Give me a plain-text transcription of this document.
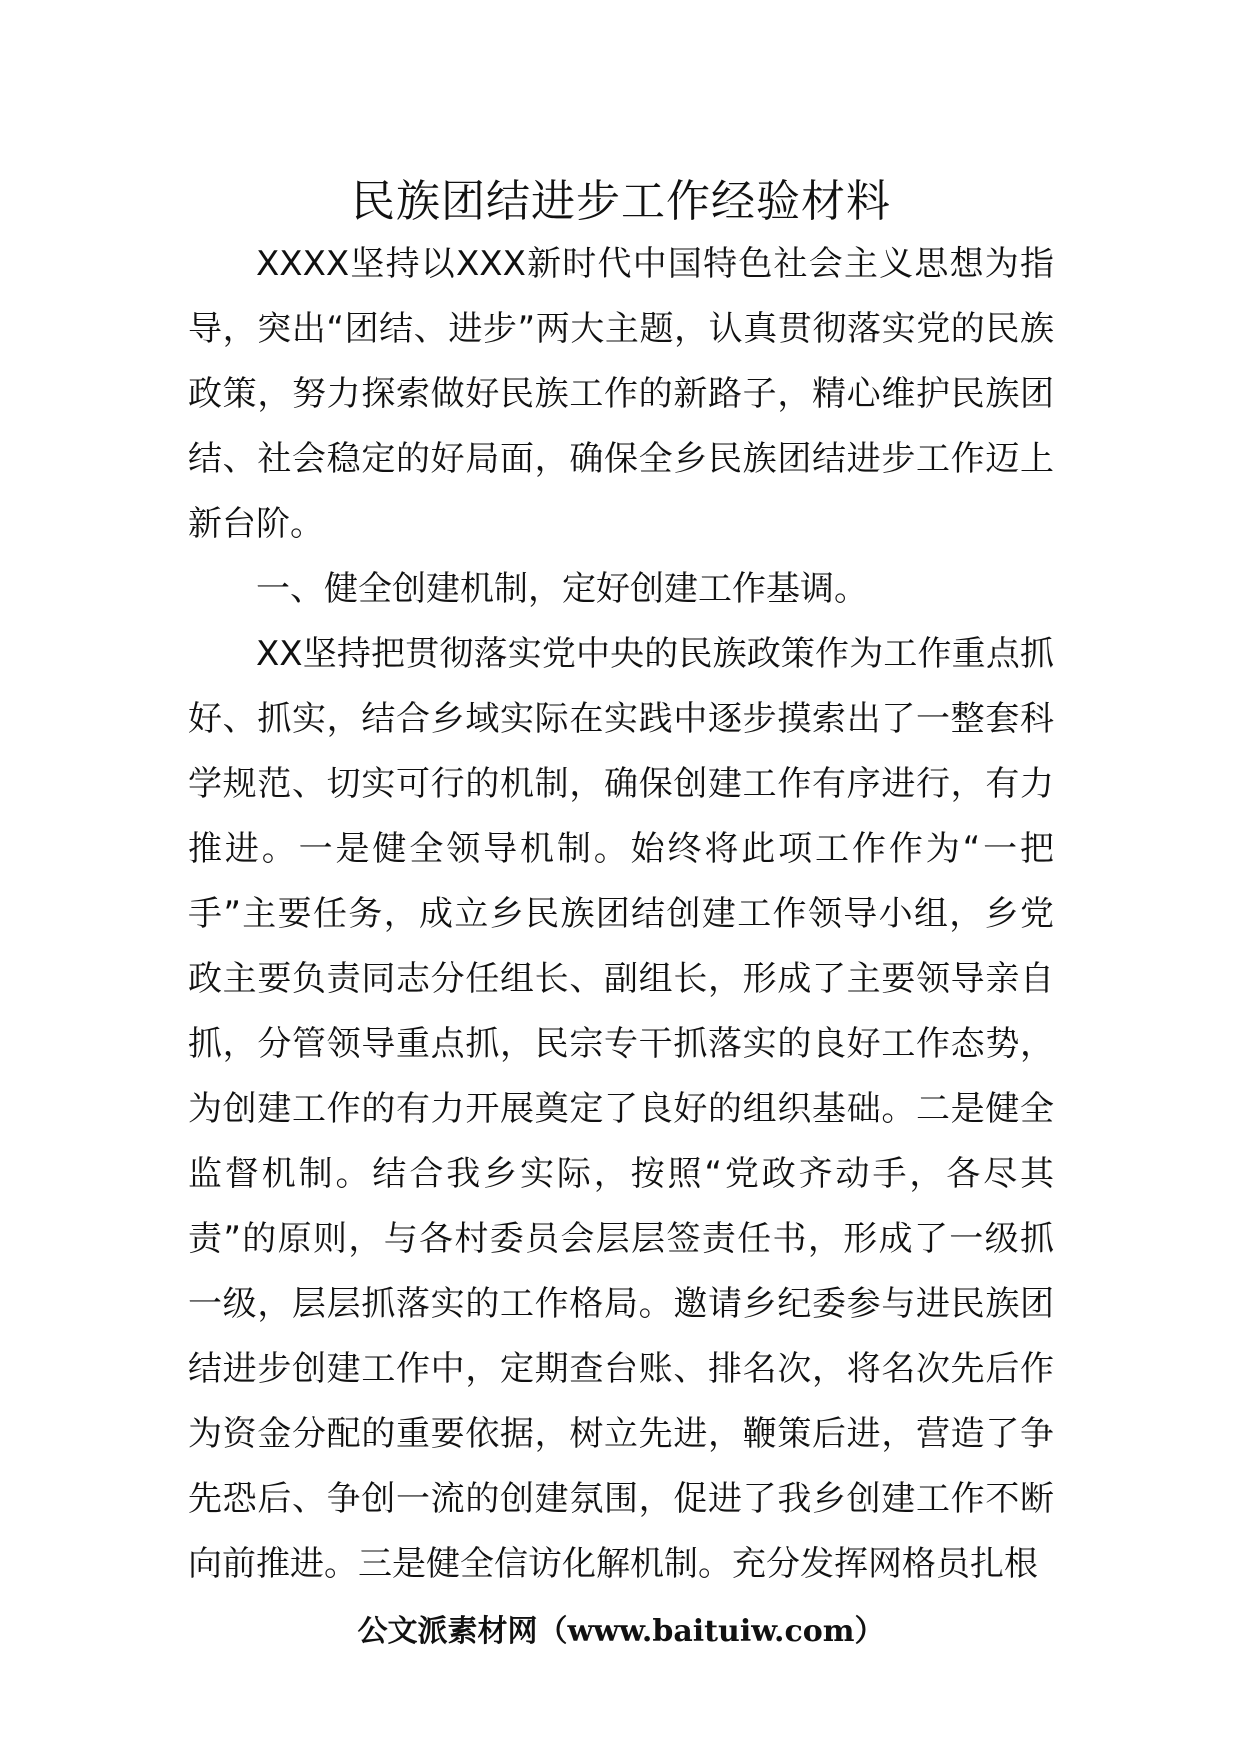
民族团结进步工作经验材料

XXXX坚持以XXX新时代中国特色社会主义思想为指导，突出“团结、进步”两大主题，认真贯彻落实党的民族政策，努力探索做好民族工作的新路子，精心维护民族团结、社会稳定的好局面，确保全乡民族团结进步工作迈上新台阶。

一、健全创建机制，定好创建工作基调。

XX坚持把贯彻落实党中央的民族政策作为工作重点抓好、抓实，结合乡域实际在实践中逐步摸索出了一整套科学规范、切实可行的机制，确保创建工作有序进行，有力推进。一是健全领导机制。始终将此项工作作为“一把手”主要任务，成立乡民族团结创建工作领导小组，乡党政主要负责同志分任组长、副组长，形成了主要领导亲自抓，分管领导重点抓，民宗专干抓落实的良好工作态势，为创建工作的有力开展奠定了良好的组织基础。二是健全监督机制。结合我乡实际，按照“党政齐动手，各尽其责”的原则，与各村委员会层层签责任书，形成了一级抓一级，层层抓落实的工作格局。邀请乡纪委参与进民族团结进步创建工作中，定期查台账、排名次，将名次先后作为资金分配的重要依据，树立先进，鞭策后进，营造了争先恐后、争创一流的创建氛围，促进了我乡创建工作不断向前推进。三是健全信访化解机制。充分发挥网格员扎根

公文派素材网（www.baituiw.com）
